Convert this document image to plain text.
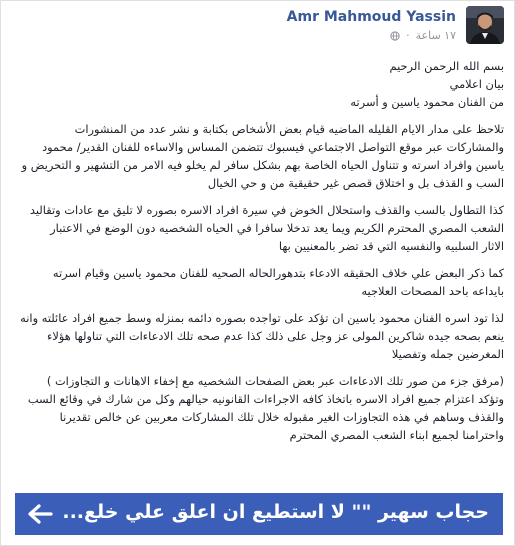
Amr Mahmoud Yassin
١٧ ساعة
·

بسم الله الرحمن الرحيم
بيان اعلامي
من الفنان محمود ياسين و أسرته

تلاحظ على مدار الايام القليله الماضيه قيام بعض الأشخاص بكتابة و نشر عدد من المنشورات
والمشاركات عبر موقع التواصل الاجتماعي فيسبوك تتضمن المساس والاساءه للفنان القدير/ محمود
ياسين وافراد اسرته و تتناول الحياه الخاصة بهم بشكل سافر لم يخلو فيه الامر من التشهير و التحريض و
السب و القذف بل و اختلاق قصص غير حقيقية من و حي الخيال

كذا التطاول بالسب والقذف واستحلال الخوض في سيرة افراد الاسره بصوره لا تليق مع عادات وتقاليد
الشعب المصري المحترم الكريم ويما يعد تدخلا سافرا في الحياه الشخصيه دون الوضع في الاعتبار
الاثار السلبيه والنفسيه التي قد تضر بالمعنيين بها

كما ذكر البعض علي خلاف الحقيقه الادعاء بتدهورالحاله الصحيه للفنان محمود ياسين وقيام اسرته
بايداعه باحد المصحات العلاجيه

لذا تود اسره الفنان محمود ياسين ان تؤكد على تواجده بصوره دائمه بمنزله وسط جميع افراد عائلته وانه
ينعم بصحه جيده شاكرين المولى عز وجل على ذلك كذا عدم صحه تلك الادعاءات التي تناولها هؤلاء
المغرضين جمله وتفصيلا

(مرفق جزء من صور تلك الادعاءات عبر بعض الصفحات الشخصيه مع إخفاء الاهانات و التجاوزات )
وتؤكد اعتزام جميع افراد الاسره باتخاذ كافه الاجراءات القانونيه حيالهم وكل من شارك في وقائع السب
والقذف وساهم في هذه التجاوزات الغير مقبوله خلال تلك المشاركات معربين عن خالص تقديرنا
واحترامنا لجميع ابناء الشعب المصري المحترم

حجاب سهير "" لا استطيع ان اعلق علي خلع...
